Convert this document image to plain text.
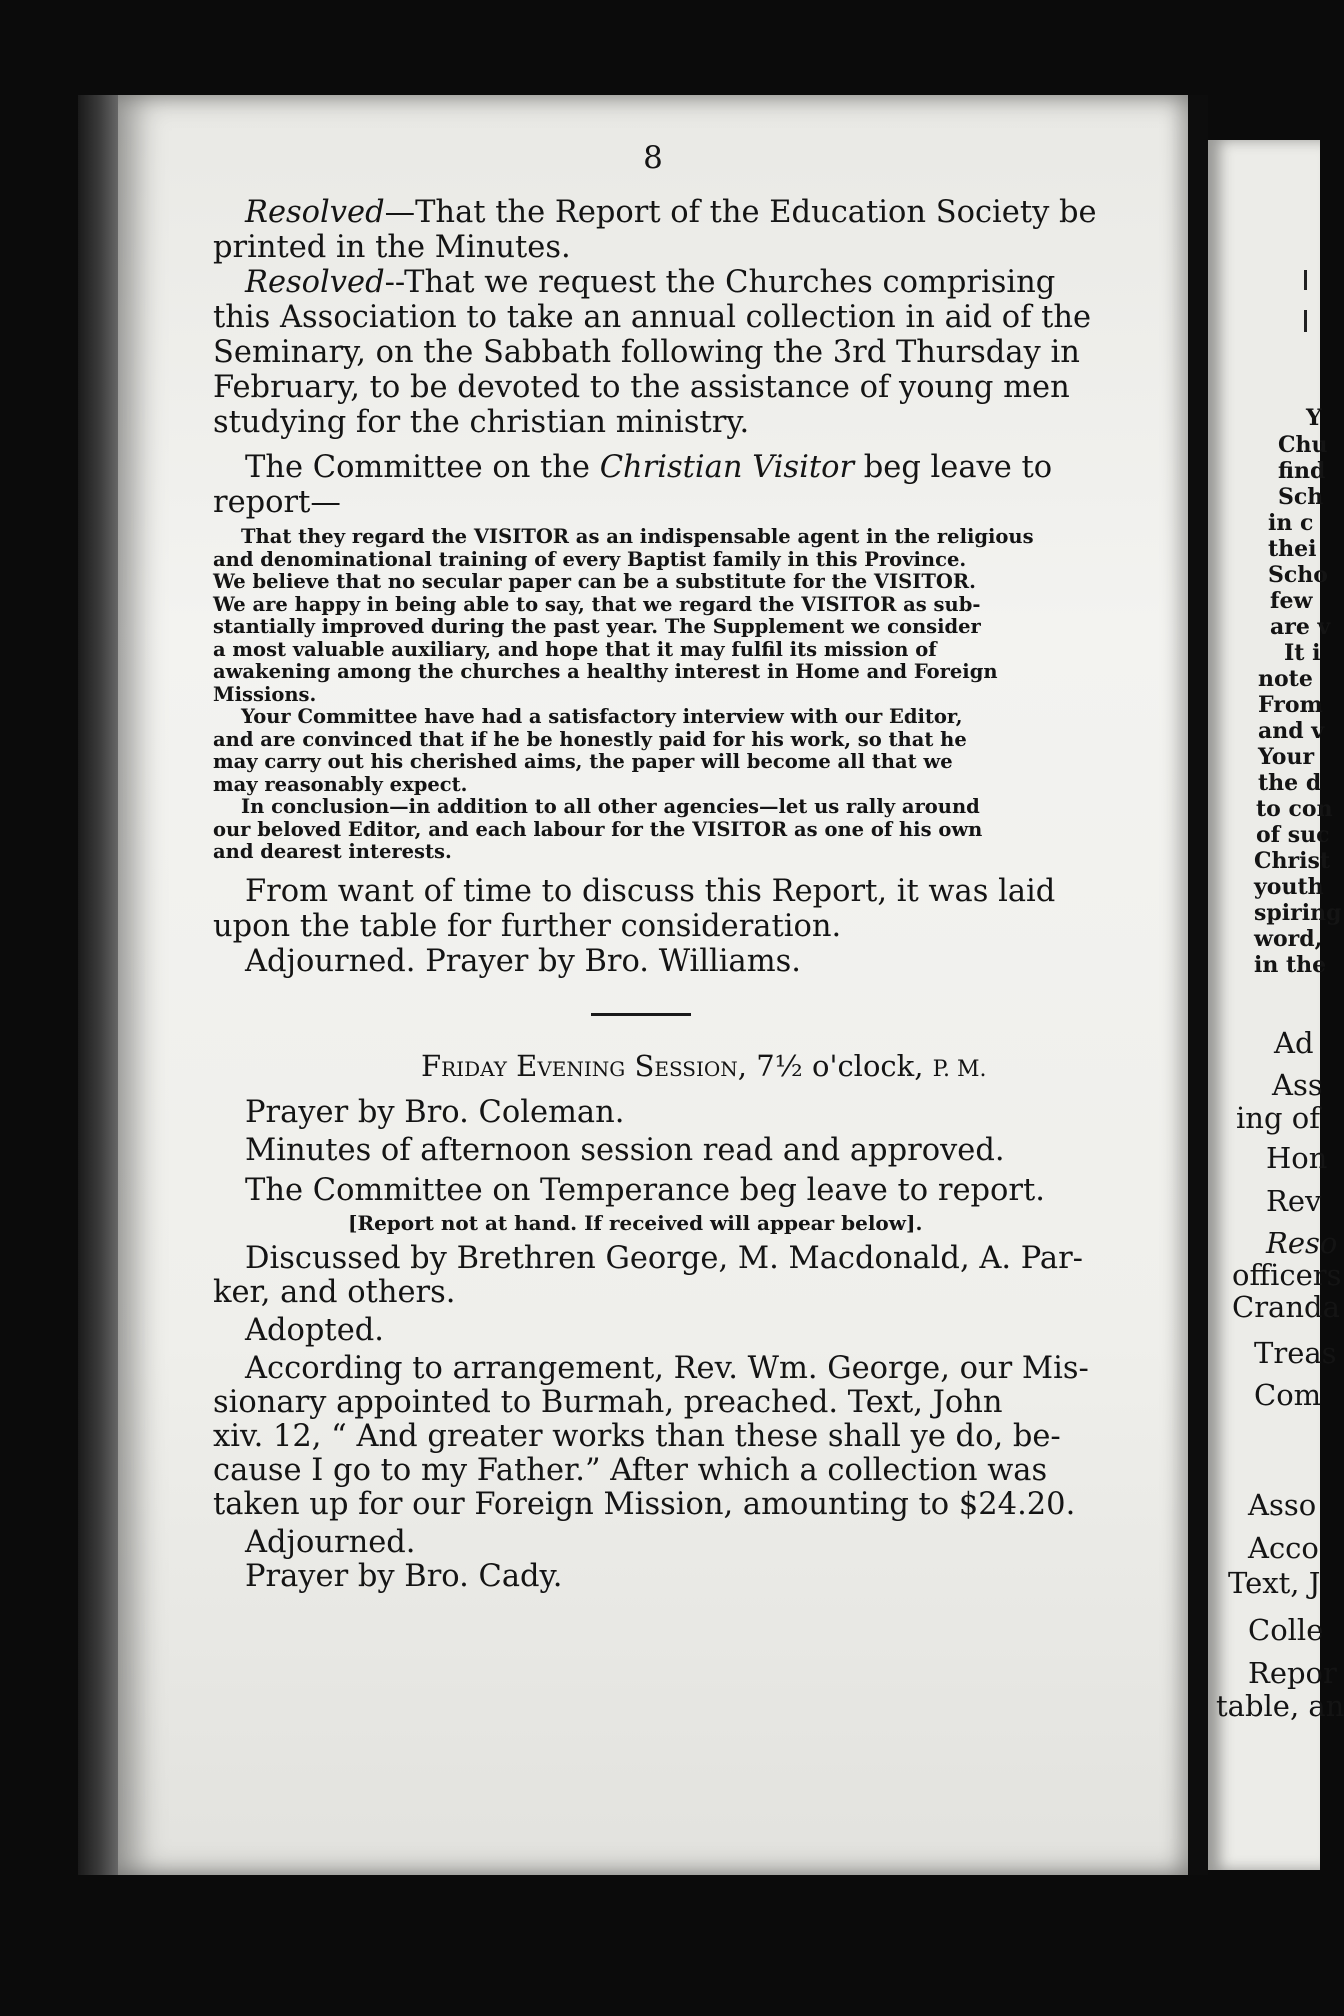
8
Resolved—That the Report of the Education Society be
printed in the Minutes.
Resolved--That we request the Churches comprising
this Association to take an annual collection in aid of the
Seminary, on the Sabbath following the 3rd Thursday in
February, to be devoted to the assistance of young men
studying for the christian ministry.
The Committee on the Christian Visitor beg leave to
report—
That they regard the VISITOR as an indispensable agent in the religious
and denominational training of every Baptist family in this Province.
We believe that no secular paper can be a substitute for the VISITOR.
We are happy in being able to say, that we regard the VISITOR as sub-
stantially improved during the past year. The Supplement we consider
a most valuable auxiliary, and hope that it may fulfil its mission of
awakening among the churches a healthy interest in Home and Foreign
Missions.
Your Committee have had a satisfactory interview with our Editor,
and are convinced that if he be honestly paid for his work, so that he
may carry out his cherished aims, the paper will become all that we
may reasonably expect.
In conclusion—in addition to all other agencies—let us rally around
our beloved Editor, and each labour for the VISITOR as one of his own
and dearest interests.
From want of time to discuss this Report, it was laid
upon the table for further consideration.
Adjourned. Prayer by Bro. Williams.
Friday Evening Session, 7½ o'clock, P. M.
Prayer by Bro. Coleman.
Minutes of afternoon session read and approved.
The Committee on Temperance beg leave to report.
[Report not at hand. If received will appear below].
Discussed by Brethren George, M. Macdonald, A. Par-
ker, and others.
Adopted.
According to arrangement, Rev. Wm. George, our Mis-
sionary appointed to Burmah, preached. Text, John
xiv. 12, “ And greater works than these shall ye do, be-
cause I go to my Father.” After which a collection was
taken up for our Foreign Mission, amounting to $24.20.
Adjourned.
Prayer by Bro. Cady.
Y
Chu
find
Sch
in c
thei
Scho
few
are v
It i
note
From
and v
Your
the d
to con
of suc
Christ
youth
spiring
word,
in the
Ad
Ass
ing of
Hon
Rev
Reso
officers
Cranda
Treas
Com
Asso
Acco
Text, J
Colle
Repor
table, an
